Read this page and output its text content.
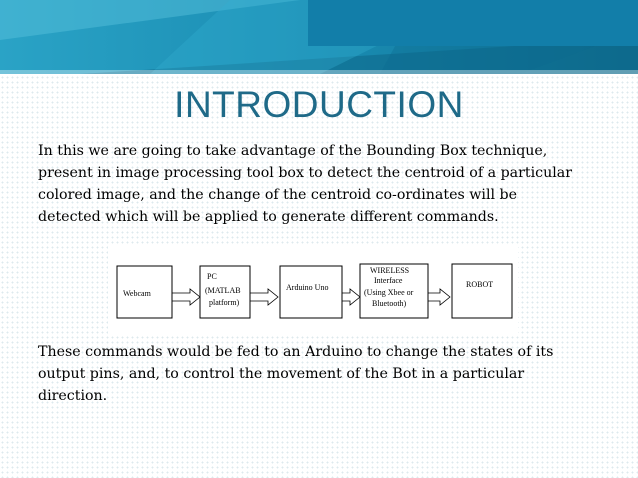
INTRODUCTION
In this we are going to take advantage of the Bounding Box technique,
present in image processing tool box to detect the centroid of a particular
colored image, and the change of the centroid co-ordinates will be
detected which will be applied to generate different commands.
Webcam
PC
(MATLAB
platform)
Arduino Uno
WIRELESS
Interface
(Using Xbee or
Bluetooth)
ROBOT
These commands would be fed to an Arduino to change the states of its
output pins, and, to control the movement of the Bot in a particular
direction.
